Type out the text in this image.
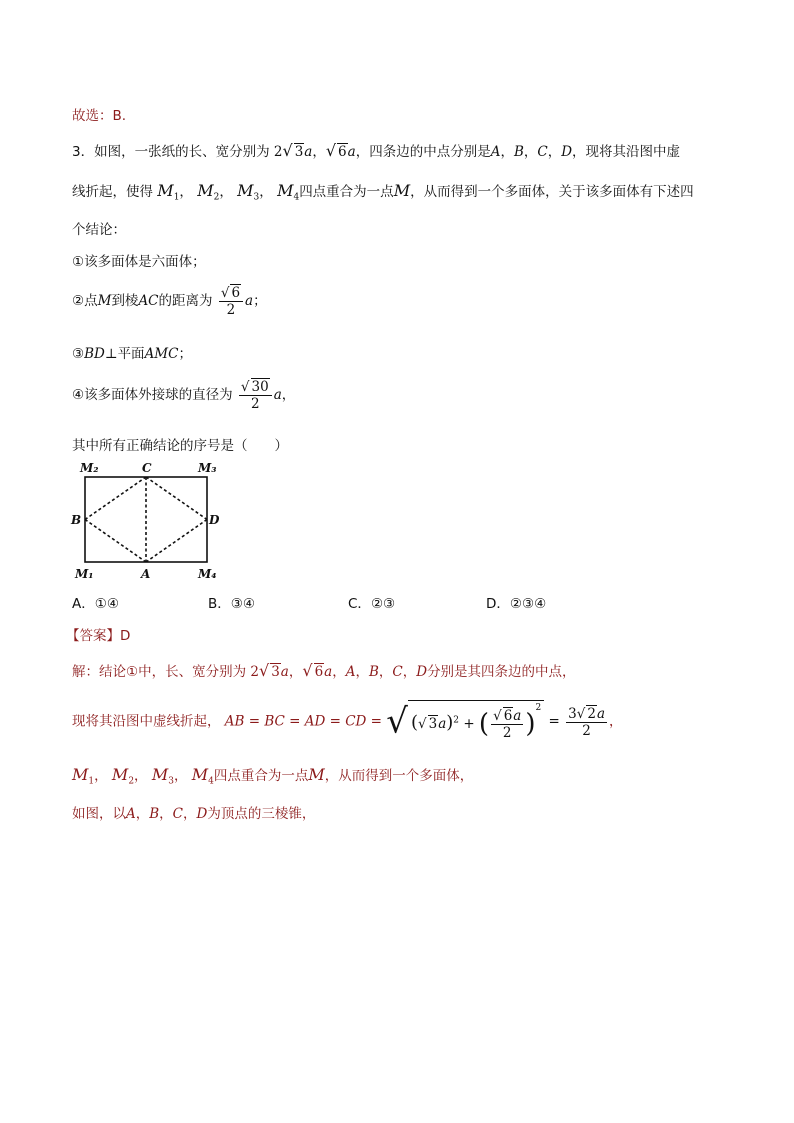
故选：B.
3．如图，一张纸的长、宽分别为 2√ 3a，√ 6a，四条边的中点分别是A，B，C，D，现将其沿图中虚
线折起，使得 $M_1$， $M_2$， $M_3$， $M_4$四点重合为一点M，从而得到一个多面体，关于该多面体有下述四
个结论：
①该多面体是六面体；
②点M到棱AC的距离为 $\frac{√ 6}{2}$ a；
③BD⊥平面AMC；
④该多面体外接球的直径为 $\frac{√ 30}{2}$ a，
其中所有正确结论的序号是（　　）
M₂	C	M₃
B	D
M₁	A	M₄
A．①④	B．③④	C．②③	D．②③④
【答案】D
解：结论①中，长、宽分别为 2√ 3a，√ 6a，A，B，C，D分别是其四条边的中点，
现将其沿图中虚线折起， AB = BC = AD = CD = √ (√ 3a)$^2$ + ( $\frac{√ 6a}{2} )^2 = \frac{3√ 2a}{2}$ ，
$M_1$， $M_2$， $M_3$， $M_4$四点重合为一点M，从而得到一个多面体，
如图，以A，B，C，D为顶点的三棱锥，
